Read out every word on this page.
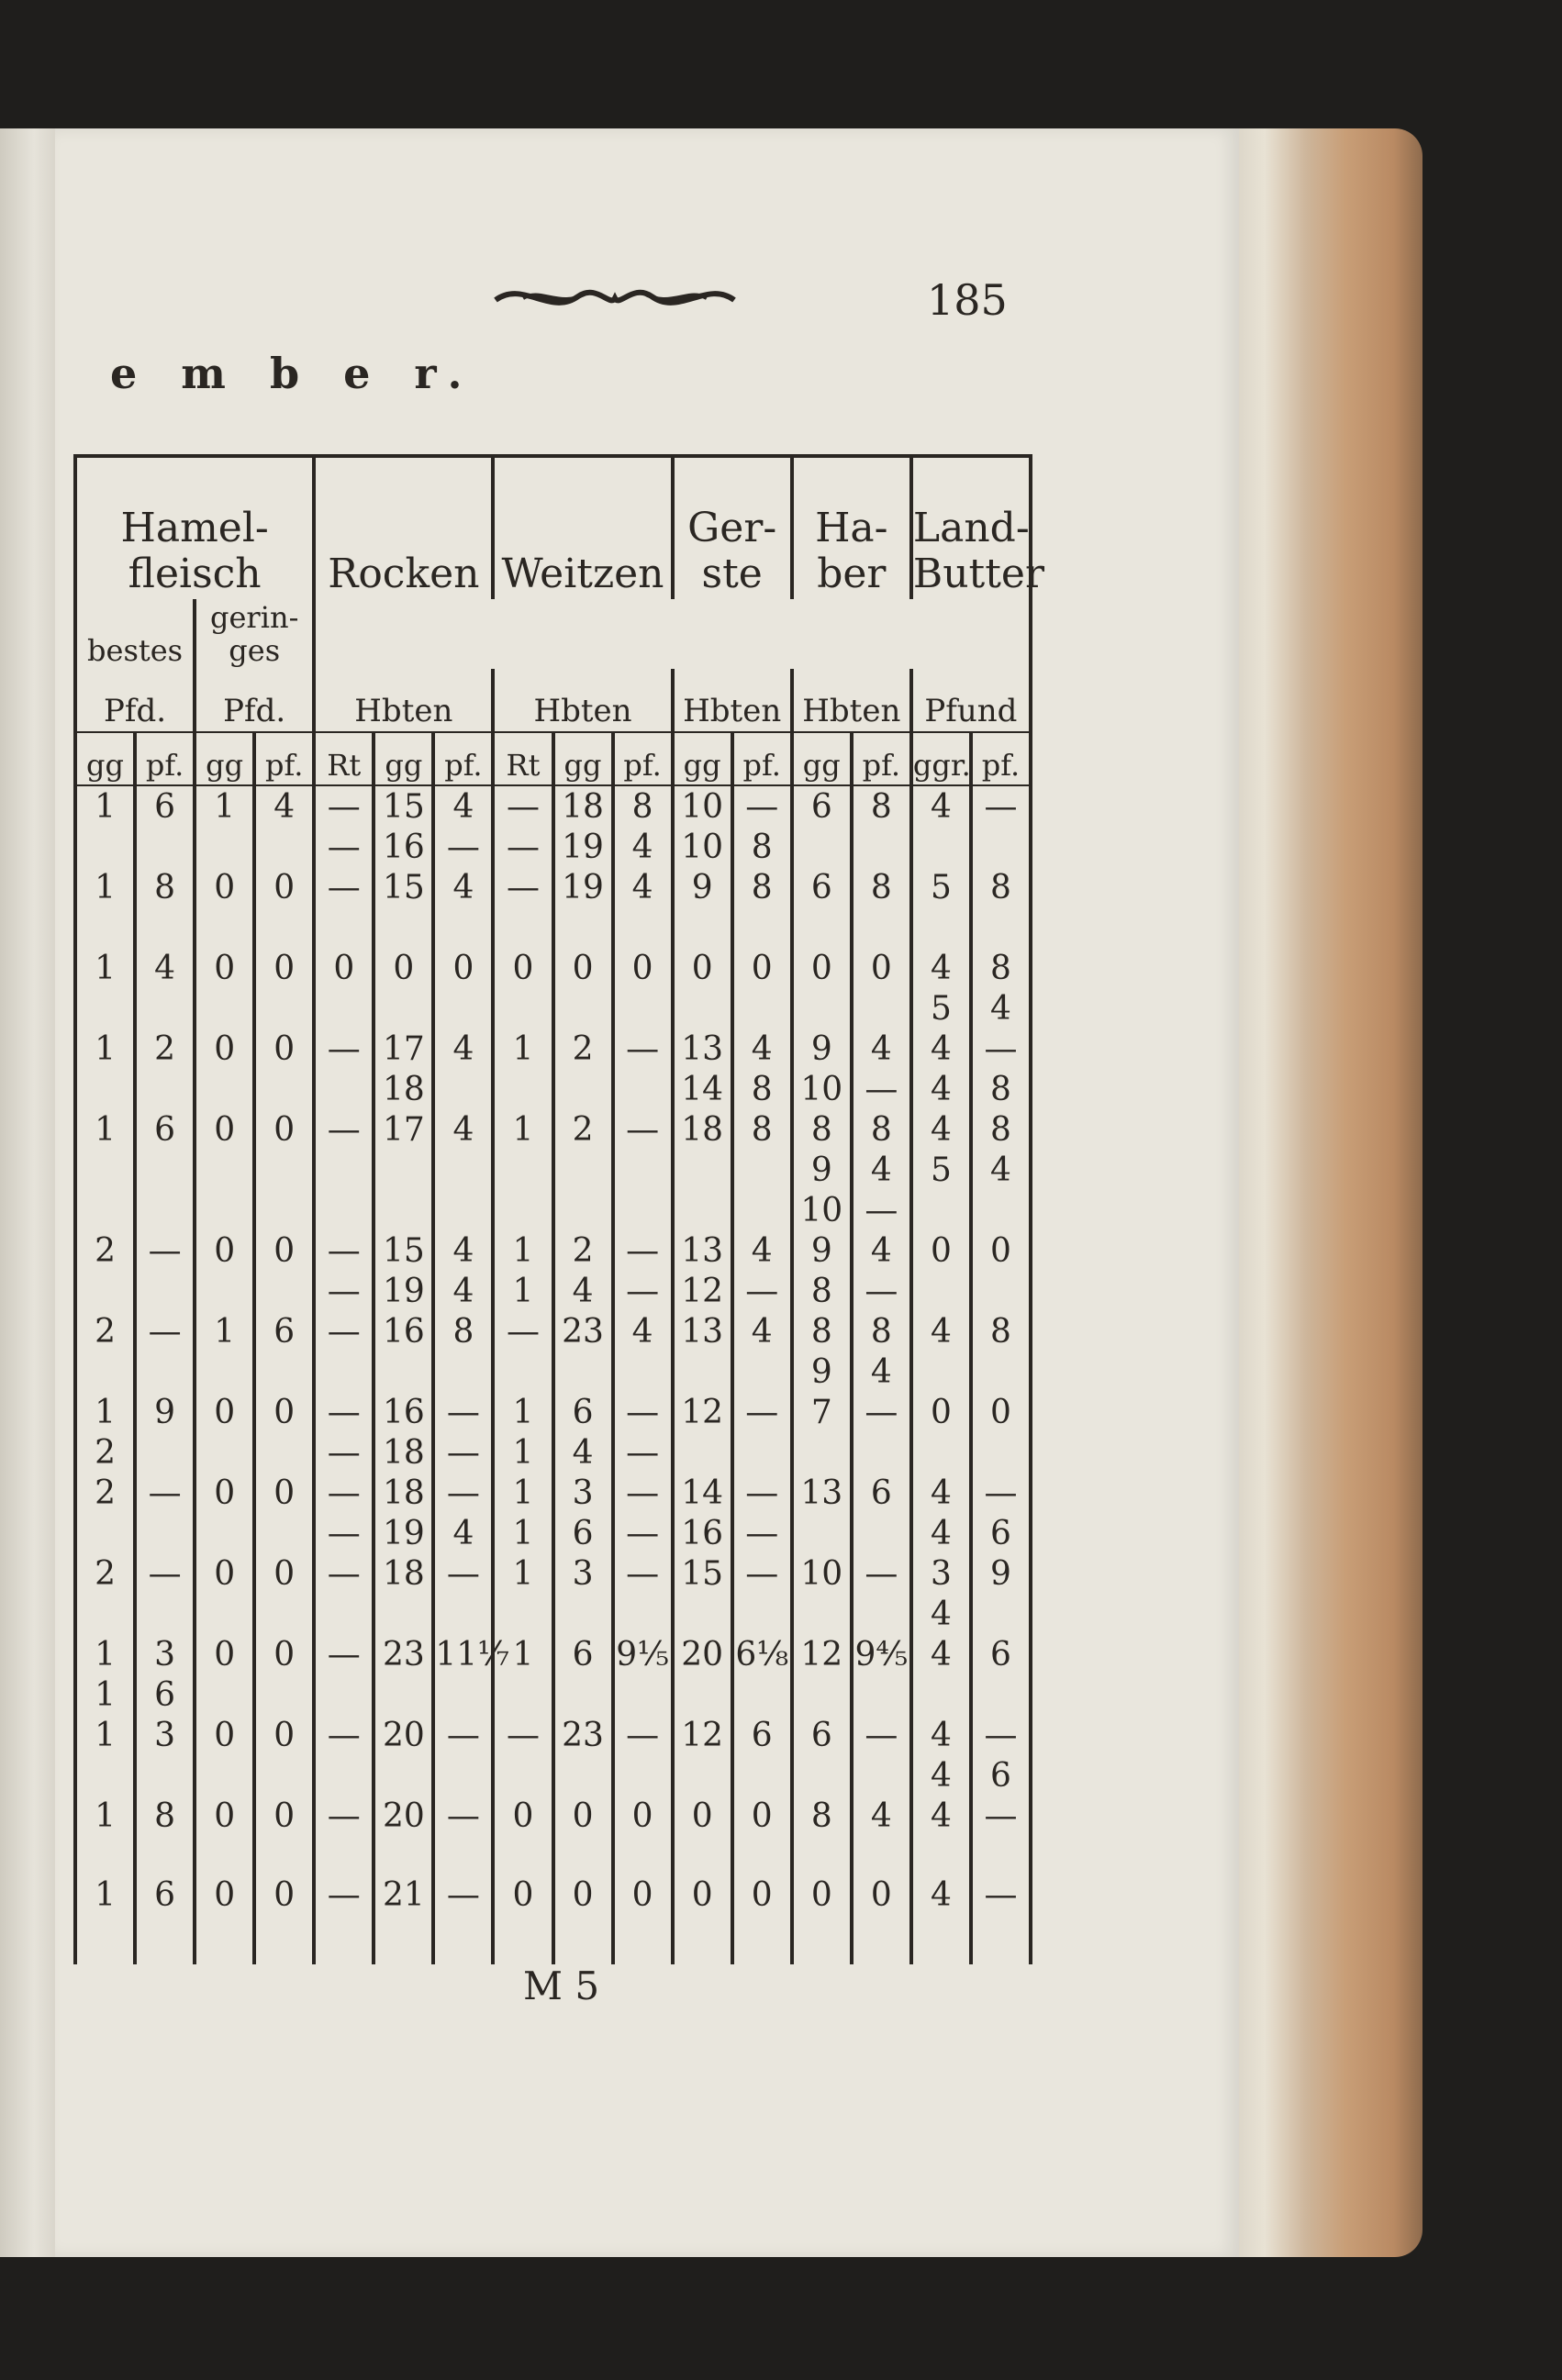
185
e m b e r.
Hamel-
fleisch				Rocken			Weitzen			Ger-
ste		Ha-
ber		Land-
Butter	
bestes		gerin-
ges													
Pfd.		Pfd.		Hbten			Hbten			Hbten		Hbten		Pfund	
gg	pf.	gg	pf.	Rt	gg	pf.	Rt	gg	pf.	gg	pf.	gg	pf.	ggr.	pf.
1	6	1	4	—	15	4	—	18	8	10	—	6	8	4	—
				—	16	—	—	19	4	10	8				
1	8	0	0	—	15	4	—	19	4	9	8	6	8	5	8

1	4	0	0	0	0	0	0	0	0	0	0	0	0	4	8
														5	4
1	2	0	0	—	17	4	1	2	—	13	4	9	4	4	—
					18					14	8	10	—	4	8
1	6	0	0	—	17	4	1	2	—	18	8	8	8	4	8
												9	4	5	4
												10	—		
2	—	0	0	—	15	4	1	2	—	13	4	9	4	0	0
				—	19	4	1	4	—	12	—	8	—		
2	—	1	6	—	16	8	—	23	4	13	4	8	8	4	8
												9	4		
1	9	0	0	—	16	—	1	6	—	12	—	7	—	0	0
2				—	18	—	1	4	—						
2	—	0	0	—	18	—	1	3	—	14	—	13	6	4	—
				—	19	4	1	6	—	16	—			4	6
2	—	0	0	—	18	—	1	3	—	15	—	10	—	3	9
														4	
1	3	0	0	—	23	11⅐	1	6	9⅕	20	6⅛	12	9⅘	4	6
1	6														
1	3	0	0	—	20	—	—	23	—	12	6	6	—	4	—
														4	6
1	8	0	0	—	20	—	0	0	0	0	0	8	4	4	—

1	6	0	0	—	21	—	0	0	0	0	0	0	0	4	—
M 5
